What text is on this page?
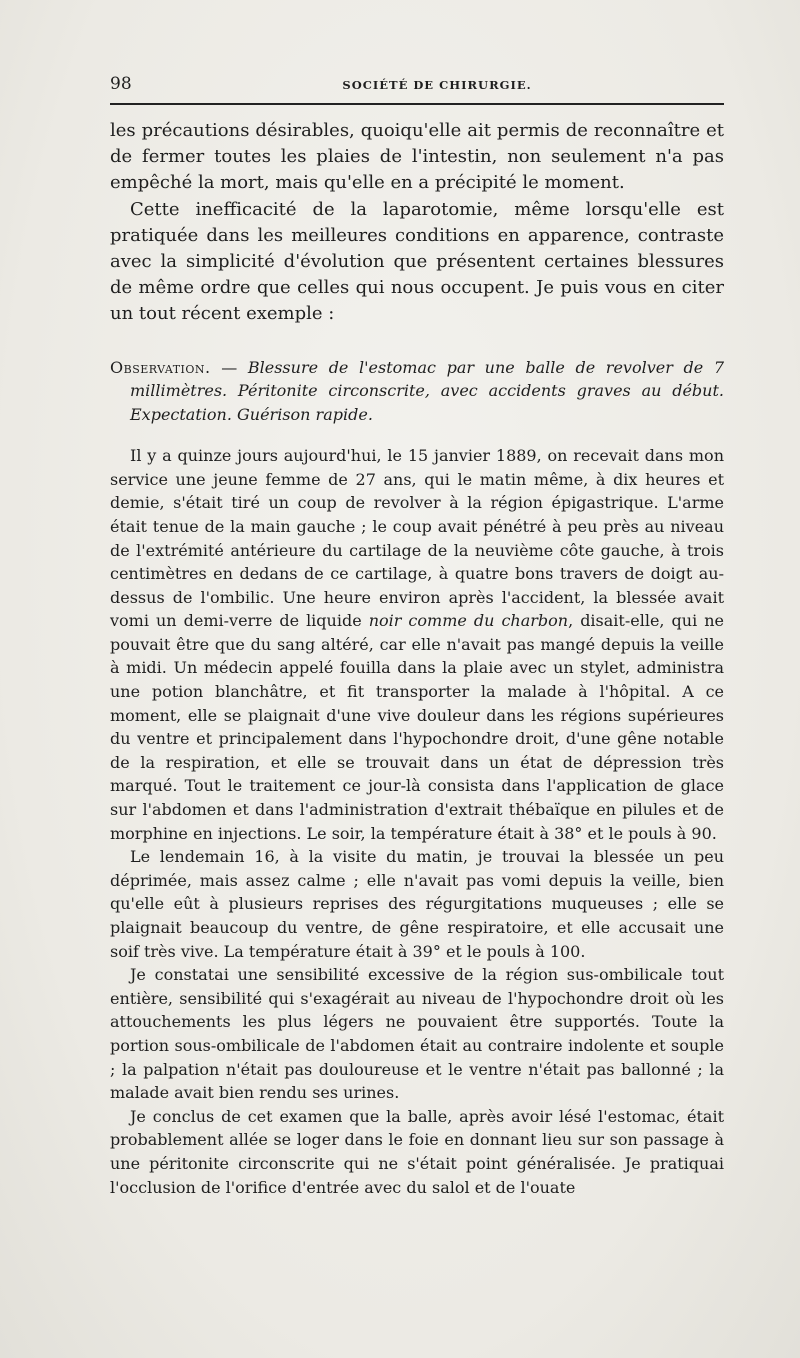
98	SOCIÉTÉ DE CHIRURGIE.

les précautions désirables, quoiqu'elle ait permis de reconnaître et de fermer toutes les plaies de l'intestin, non seulement n'a pas empêché la mort, mais qu'elle en a précipité le moment.

Cette inefficacité de la laparotomie, même lorsqu'elle est pratiquée dans les meilleures conditions en apparence, contraste avec la simplicité d'évolution que présentent certaines blessures de même ordre que celles qui nous occupent. Je puis vous en citer un tout récent exemple :

Observation. — Blessure de l'estomac par une balle de revolver de 7 millimètres. Péritonite circonscrite, avec accidents graves au début. Expectation. Guérison rapide.

Il y a quinze jours aujourd'hui, le 15 janvier 1889, on recevait dans mon service une jeune femme de 27 ans, qui le matin même, à dix heures et demie, s'était tiré un coup de revolver à la région épigastrique. L'arme était tenue de la main gauche ; le coup avait pénétré à peu près au niveau de l'extrémité antérieure du cartilage de la neuvième côte gauche, à trois centimètres en dedans de ce cartilage, à quatre bons travers de doigt au-dessus de l'ombilic. Une heure environ après l'accident, la blessée avait vomi un demi-verre de liquide noir comme du charbon, disait-elle, qui ne pouvait être que du sang altéré, car elle n'avait pas mangé depuis la veille à midi. Un médecin appelé fouilla dans la plaie avec un stylet, administra une potion blanchâtre, et fit transporter la malade à l'hôpital. A ce moment, elle se plaignait d'une vive douleur dans les régions supérieures du ventre et principalement dans l'hypochondre droit, d'une gêne notable de la respiration, et elle se trouvait dans un état de dépression très marqué. Tout le traitement ce jour-là consista dans l'application de glace sur l'abdomen et dans l'administration d'extrait thébaïque en pilules et de morphine en injections. Le soir, la température était à 38° et le pouls à 90.

Le lendemain 16, à la visite du matin, je trouvai la blessée un peu déprimée, mais assez calme ; elle n'avait pas vomi depuis la veille, bien qu'elle eût à plusieurs reprises des régurgitations muqueuses ; elle se plaignait beaucoup du ventre, de gêne respiratoire, et elle accusait une soif très vive. La température était à 39° et le pouls à 100.

Je constatai une sensibilité excessive de la région sus-ombilicale tout entière, sensibilité qui s'exagérait au niveau de l'hypochondre droit où les attouchements les plus légers ne pouvaient être supportés. Toute la portion sous-ombilicale de l'abdomen était au contraire indolente et souple ; la palpation n'était pas douloureuse et le ventre n'était pas ballonné ; la malade avait bien rendu ses urines.

Je conclus de cet examen que la balle, après avoir lésé l'estomac, était probablement allée se loger dans le foie en donnant lieu sur son passage à une péritonite circonscrite qui ne s'était point généralisée. Je pratiquai l'occlusion de l'orifice d'entrée avec du salol et de l'ouate
